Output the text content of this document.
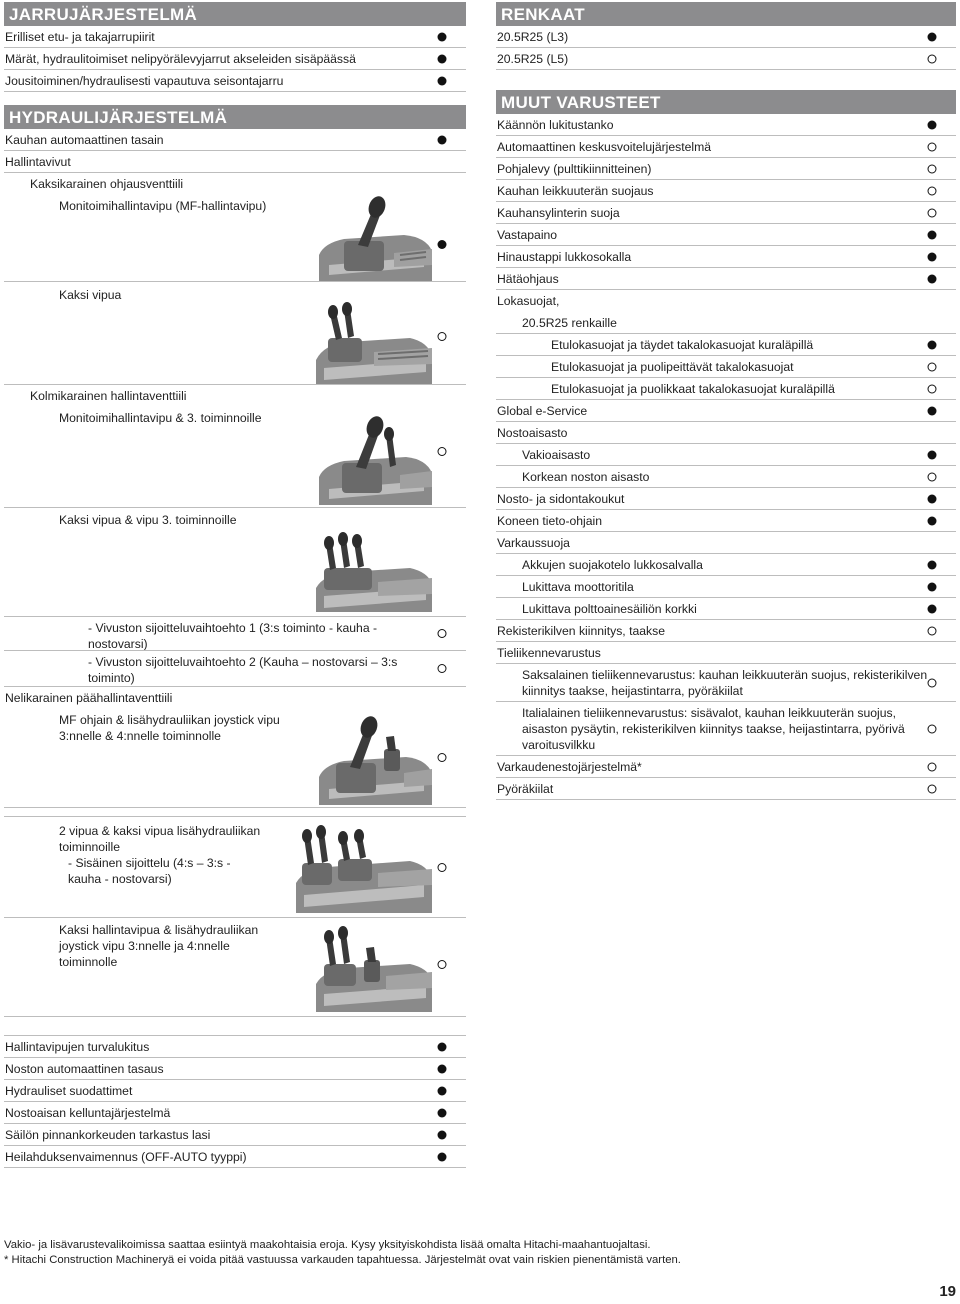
JARRUJÄRJESTELMÄ
Erilliset etu- ja takajarrupiirit
Märät, hydraulitoimiset nelipyörälevyjarrut akseleiden sisäpäässä
Jousitoiminen/hydraulisesti vapautuva seisontajarru
HYDRAULIJÄRJESTELMÄ
Kauhan automaattinen tasain
Hallintavivut
Kaksikarainen ohjausventtiili
Monitoimihallintavipu (MF-hallintavipu)
Kaksi vipua
Kolmikarainen hallintaventtiili
Monitoimihallintavipu & 3. toiminnoille
Kaksi vipua & vipu 3. toiminnoille
- Vivuston sijoitteluvaihtoehto 1 (3:s toiminto - kauha - nostovarsi)
- Vivuston sijoitteluvaihtoehto 2 (Kauha – nostovarsi – 3:s toiminto)
Nelikarainen päähallintaventtiili
MF ohjain & lisähydrauliikan joystick vipu 3:nnelle & 4:nnelle toiminnolle
2 vipua & kaksi vipua lisähydrauliikan toiminnoille
- Sisäinen sijoittelu (4:s – 3:s - kauha - nostovarsi)
Kaksi hallintavipua & lisähydrauliikan joystick vipu 3:nnelle ja 4:nnelle toiminnolle
Hallintavipujen turvalukitus
Noston automaattinen tasaus
Hydrauliset suodattimet
Nostoaisan kelluntajärjestelmä
Säilön pinnankorkeuden tarkastus lasi
Heilahduksenvaimennus (OFF-AUTO tyyppi)
RENKAAT
20.5R25 (L3)
20.5R25 (L5)
MUUT VARUSTEET
Käännön lukitustanko
Automaattinen keskusvoitelujärjestelmä
Pohjalevy (pulttikiinnitteinen)
Kauhan leikkuuterän suojaus
Kauhansylinterin suoja
Vastapaino
Hinaustappi lukkosokalla
Hätäohjaus
Lokasuojat,
20.5R25 renkaille
Etulokasuojat ja täydet takalokasuojat kuraläpillä
Etulokasuojat ja puolipeittävät takalokasuojat
Etulokasuojat ja puolikkaat takalokasuojat kuraläpillä
Global e-Service
Nostoaisasto
Vakioaisasto
Korkean noston aisasto
Nosto- ja sidontakoukut
Koneen tieto-ohjain
Varkaussuoja
Akkujen suojakotelo lukkosalvalla
Lukittava moottoritila
Lukittava polttoainesäiliön korkki
Rekisterikilven kiinnitys, taakse
Tieliikennevarustus
Saksalainen tieliikennevarustus: kauhan leikkuuterän suojus, rekisterikilven kiinnitys taakse, heijastintarra, pyöräkiilat
Italialainen tieliikennevarustus: sisävalot, kauhan leikkuuterän suojus, aisaston pysäytin, rekisterikilven kiinnitys taakse, heijastintarra, pyörivä varoitusvilkku
Varkaudenestojärjestelmä*
Pyöräkiilat
Vakio- ja lisävarustevalikoimissa saattaa esiintyä maakohtaisia eroja. Kysy yksityiskohdista lisää omalta Hitachi-maahantuojaltasi.
* Hitachi Construction Machineryä ei voida pitää vastuussa varkauden tapahtuessa. Järjestelmät ovat vain riskien pienentämistä varten.
19
